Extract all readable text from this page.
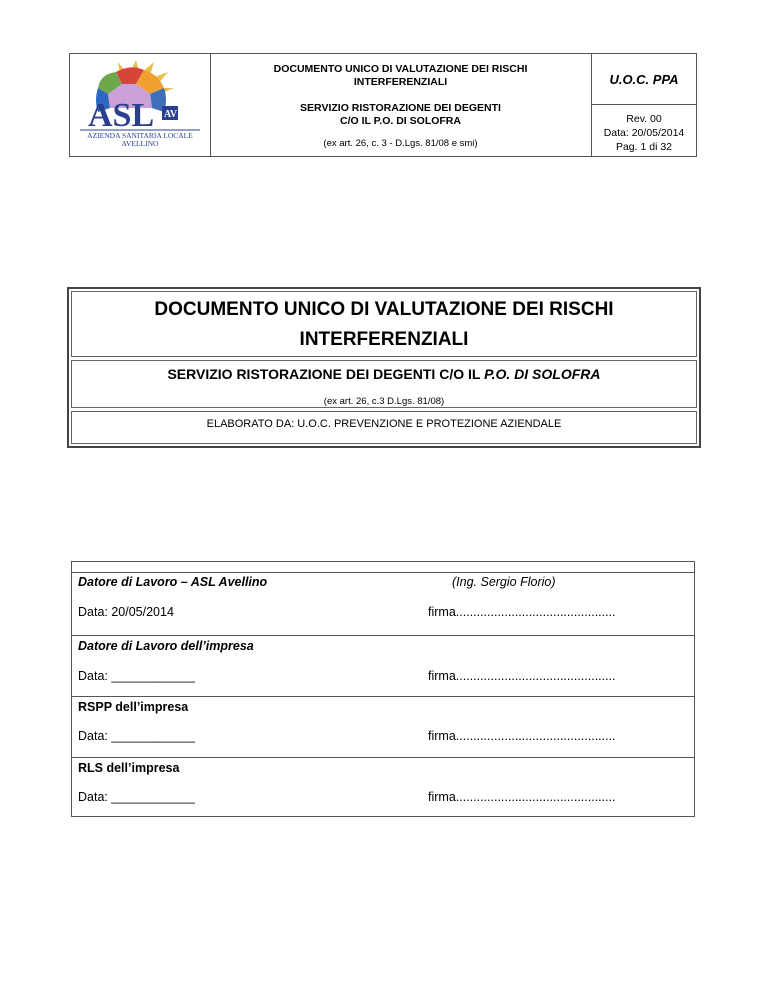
ASL AV
AZIENDA SANITARIA LOCALE
AVELLINO
DOCUMENTO UNICO DI VALUTAZIONE DEI RISCHI
INTERFERENZIALI
SERVIZIO RISTORAZIONE DEI DEGENTI
C/O IL P.O. DI SOLOFRA
(ex art. 26, c. 3 - D.Lgs. 81/08 e smi)
U.O.C. PPA
Rev. 00
Data: 20/05/2014
Pag. 1 di 32
DOCUMENTO UNICO DI VALUTAZIONE DEI RISCHI
INTERFERENZIALI
SERVIZIO RISTORAZIONE DEI DEGENTI C/O IL P.O. DI SOLOFRA
(ex art. 26, c.3 D.Lgs. 81/08)
ELABORATO DA: U.O.C. PREVENZIONE E PROTEZIONE AZIENDALE
Datore di Lavoro – ASL Avellino	(Ing. Sergio Florio)
Data: 20/05/2014	firma..............................................
Datore di Lavoro dell’impresa
Data: ____________	firma..............................................
RSPP dell’impresa
Data: ____________	firma..............................................
RLS dell’impresa
Data: ____________	firma..............................................
